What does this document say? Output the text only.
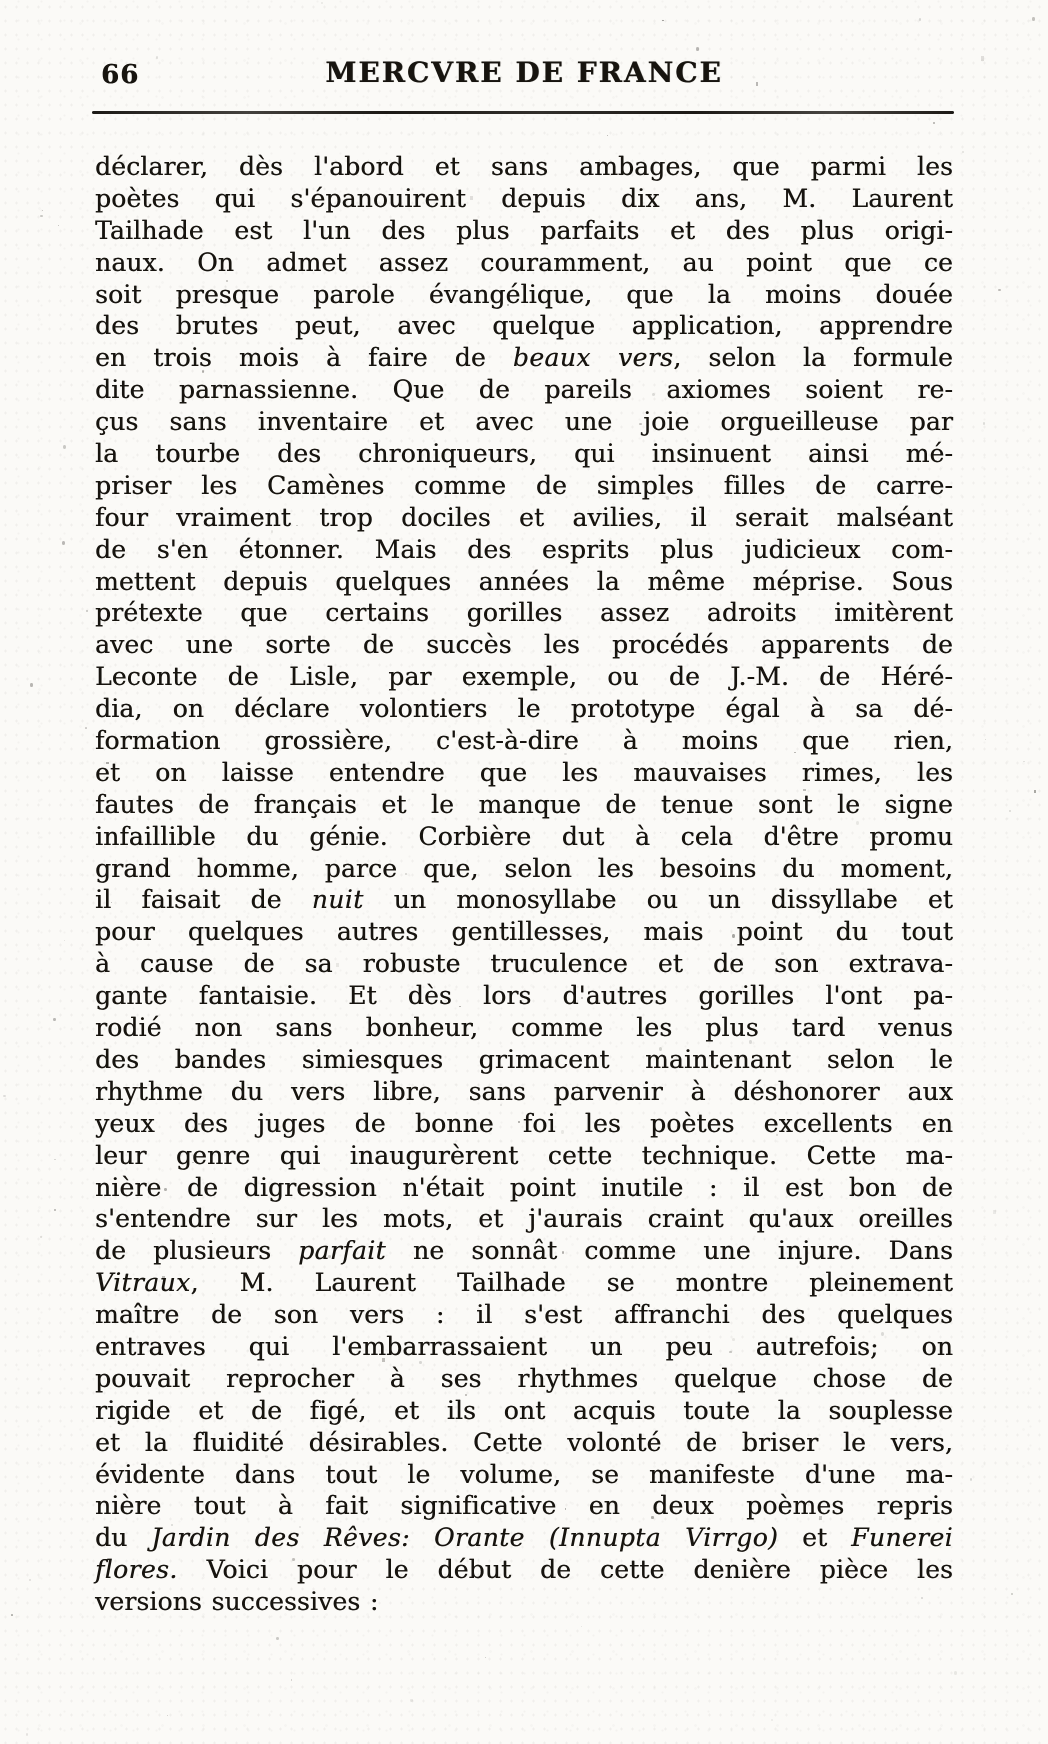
66	MERCVRE DE FRANCE
déclarer, dès l'abord et sans ambages, que parmi les
poètes qui s'épanouirent depuis dix ans, M. Laurent
Tailhade est l'un des plus parfaits et des plus origi-
naux. On admet assez couramment, au point que ce
soit presque parole évangélique, que la moins douée
des brutes peut, avec quelque application, apprendre
en trois mois à faire de beaux vers, selon la formule
dite parnassienne. Que de pareils axiomes soient re-
çus sans inventaire et avec une joie orgueilleuse par
la tourbe des chroniqueurs, qui insinuent ainsi mé-
priser les Camènes comme de simples filles de carre-
four vraiment trop dociles et avilies, il serait malséant
de s'en étonner. Mais des esprits plus judicieux com-
mettent depuis quelques années la même méprise. Sous
prétexte que certains gorilles assez adroits imitèrent
avec une sorte de succès les procédés apparents de
Leconte de Lisle, par exemple, ou de J.-M. de Héré-
dia, on déclare volontiers le prototype égal à sa dé-
formation grossière, c'est-à-dire à moins que rien,
et on laisse entendre que les mauvaises rimes, les
fautes de français et le manque de tenue sont le signe
infaillible du génie. Corbière dut à cela d'être promu
grand homme, parce que, selon les besoins du moment,
il faisait de nuit un monosyllabe ou un dissyllabe et
pour quelques autres gentillesses, mais point du tout
à cause de sa robuste truculence et de son extrava-
gante fantaisie. Et dès lors d'autres gorilles l'ont pa-
rodié non sans bonheur, comme les plus tard venus
des bandes simiesques grimacent maintenant selon le
rhythme du vers libre, sans parvenir à déshonorer aux
yeux des juges de bonne foi les poètes excellents en
leur genre qui inaugurèrent cette technique. Cette ma-
nière de digression n'était point inutile : il est bon de
s'entendre sur les mots, et j'aurais craint qu'aux oreilles
de plusieurs parfait ne sonnât comme une injure. Dans
Vitraux, M. Laurent Tailhade se montre pleinement
maître de son vers : il s'est affranchi des quelques
entraves qui l'embarrassaient un peu autrefois; on
pouvait reprocher à ses rhythmes quelque chose de
rigide et de figé, et ils ont acquis toute la souplesse
et la fluidité désirables. Cette volonté de briser le vers,
évidente dans tout le volume, se manifeste d'une ma-
nière tout à fait significative en deux poèmes repris
du Jardin des Rêves: Orante (Innupta Virrgo) et Funerei
flores. Voici pour le début de cette denière pièce les
versions successives :
